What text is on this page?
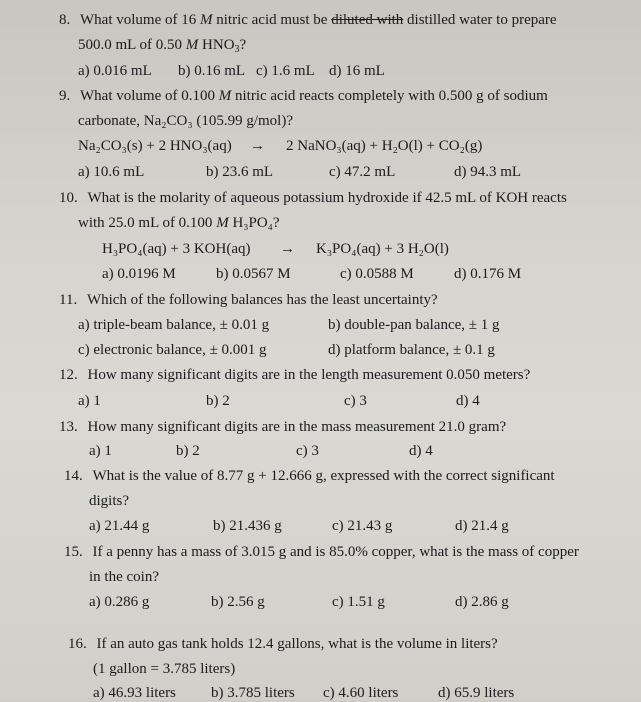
8. What volume of 16 M nitric acid must be diluted with distilled water to prepare
500.0 mL of 0.50 M $HNO_3$?
a) 0.016 mL b) 0.16 mL c) 1.6 mL d) 16 mL
9. What volume of 0.100 M nitric acid reacts completely with 0.500 g of sodium
carbonate, Na₂CO₃ (105.99 g/mol)?
Na₂CO₃(s) + 2 HNO₃(aq) → 2 NaNO₃(aq) + H₂O(l) + CO₂(g)
a) 10.6 mL	b) 23.6 mL	c) 47.2 mL	d) 94.3 mL
10. What is the molarity of aqueous potassium hydroxide if 42.5 mL of KOH reacts
with 25.0 mL of 0.100 M H₃PO₄?
H₃PO₄(aq) + 3 KOH(aq) → K₃PO₄(aq) + 3 H₂O(l)
a) 0.0196 M	b) 0.0567 M	c) 0.0588 M	d) 0.176 M
11. Which of the following balances has the least uncertainty?
a) triple-beam balance, ± 0.01 g	b) double-pan balance, ± 1 g
c) electronic balance, ± 0.001 g	d) platform balance, ± 0.1 g
12. How many significant digits are in the length measurement 0.050 meters?
a) 1	b) 2	c) 3	d) 4
13. How many significant digits are in the mass measurement 21.0 gram?
a) 1	b) 2	c) 3	d) 4
14. What is the value of 8.77 g + 12.666 g, expressed with the correct significant
digits?
a) 21.44 g	b) 21.436 g	c) 21.43 g	d) 21.4 g
15. If a penny has a mass of 3.015 g and is 85.0% copper, what is the mass of copper
in the coin?
a) 0.286 g	b) 2.56 g	c) 1.51 g	d) 2.86 g
16. If an auto gas tank holds 12.4 gallons, what is the volume in liters?
(1 gallon = 3.785 liters)
a) 46.93 liters b) 3.785 liters c) 4.60 liters	d) 65.9 liters
